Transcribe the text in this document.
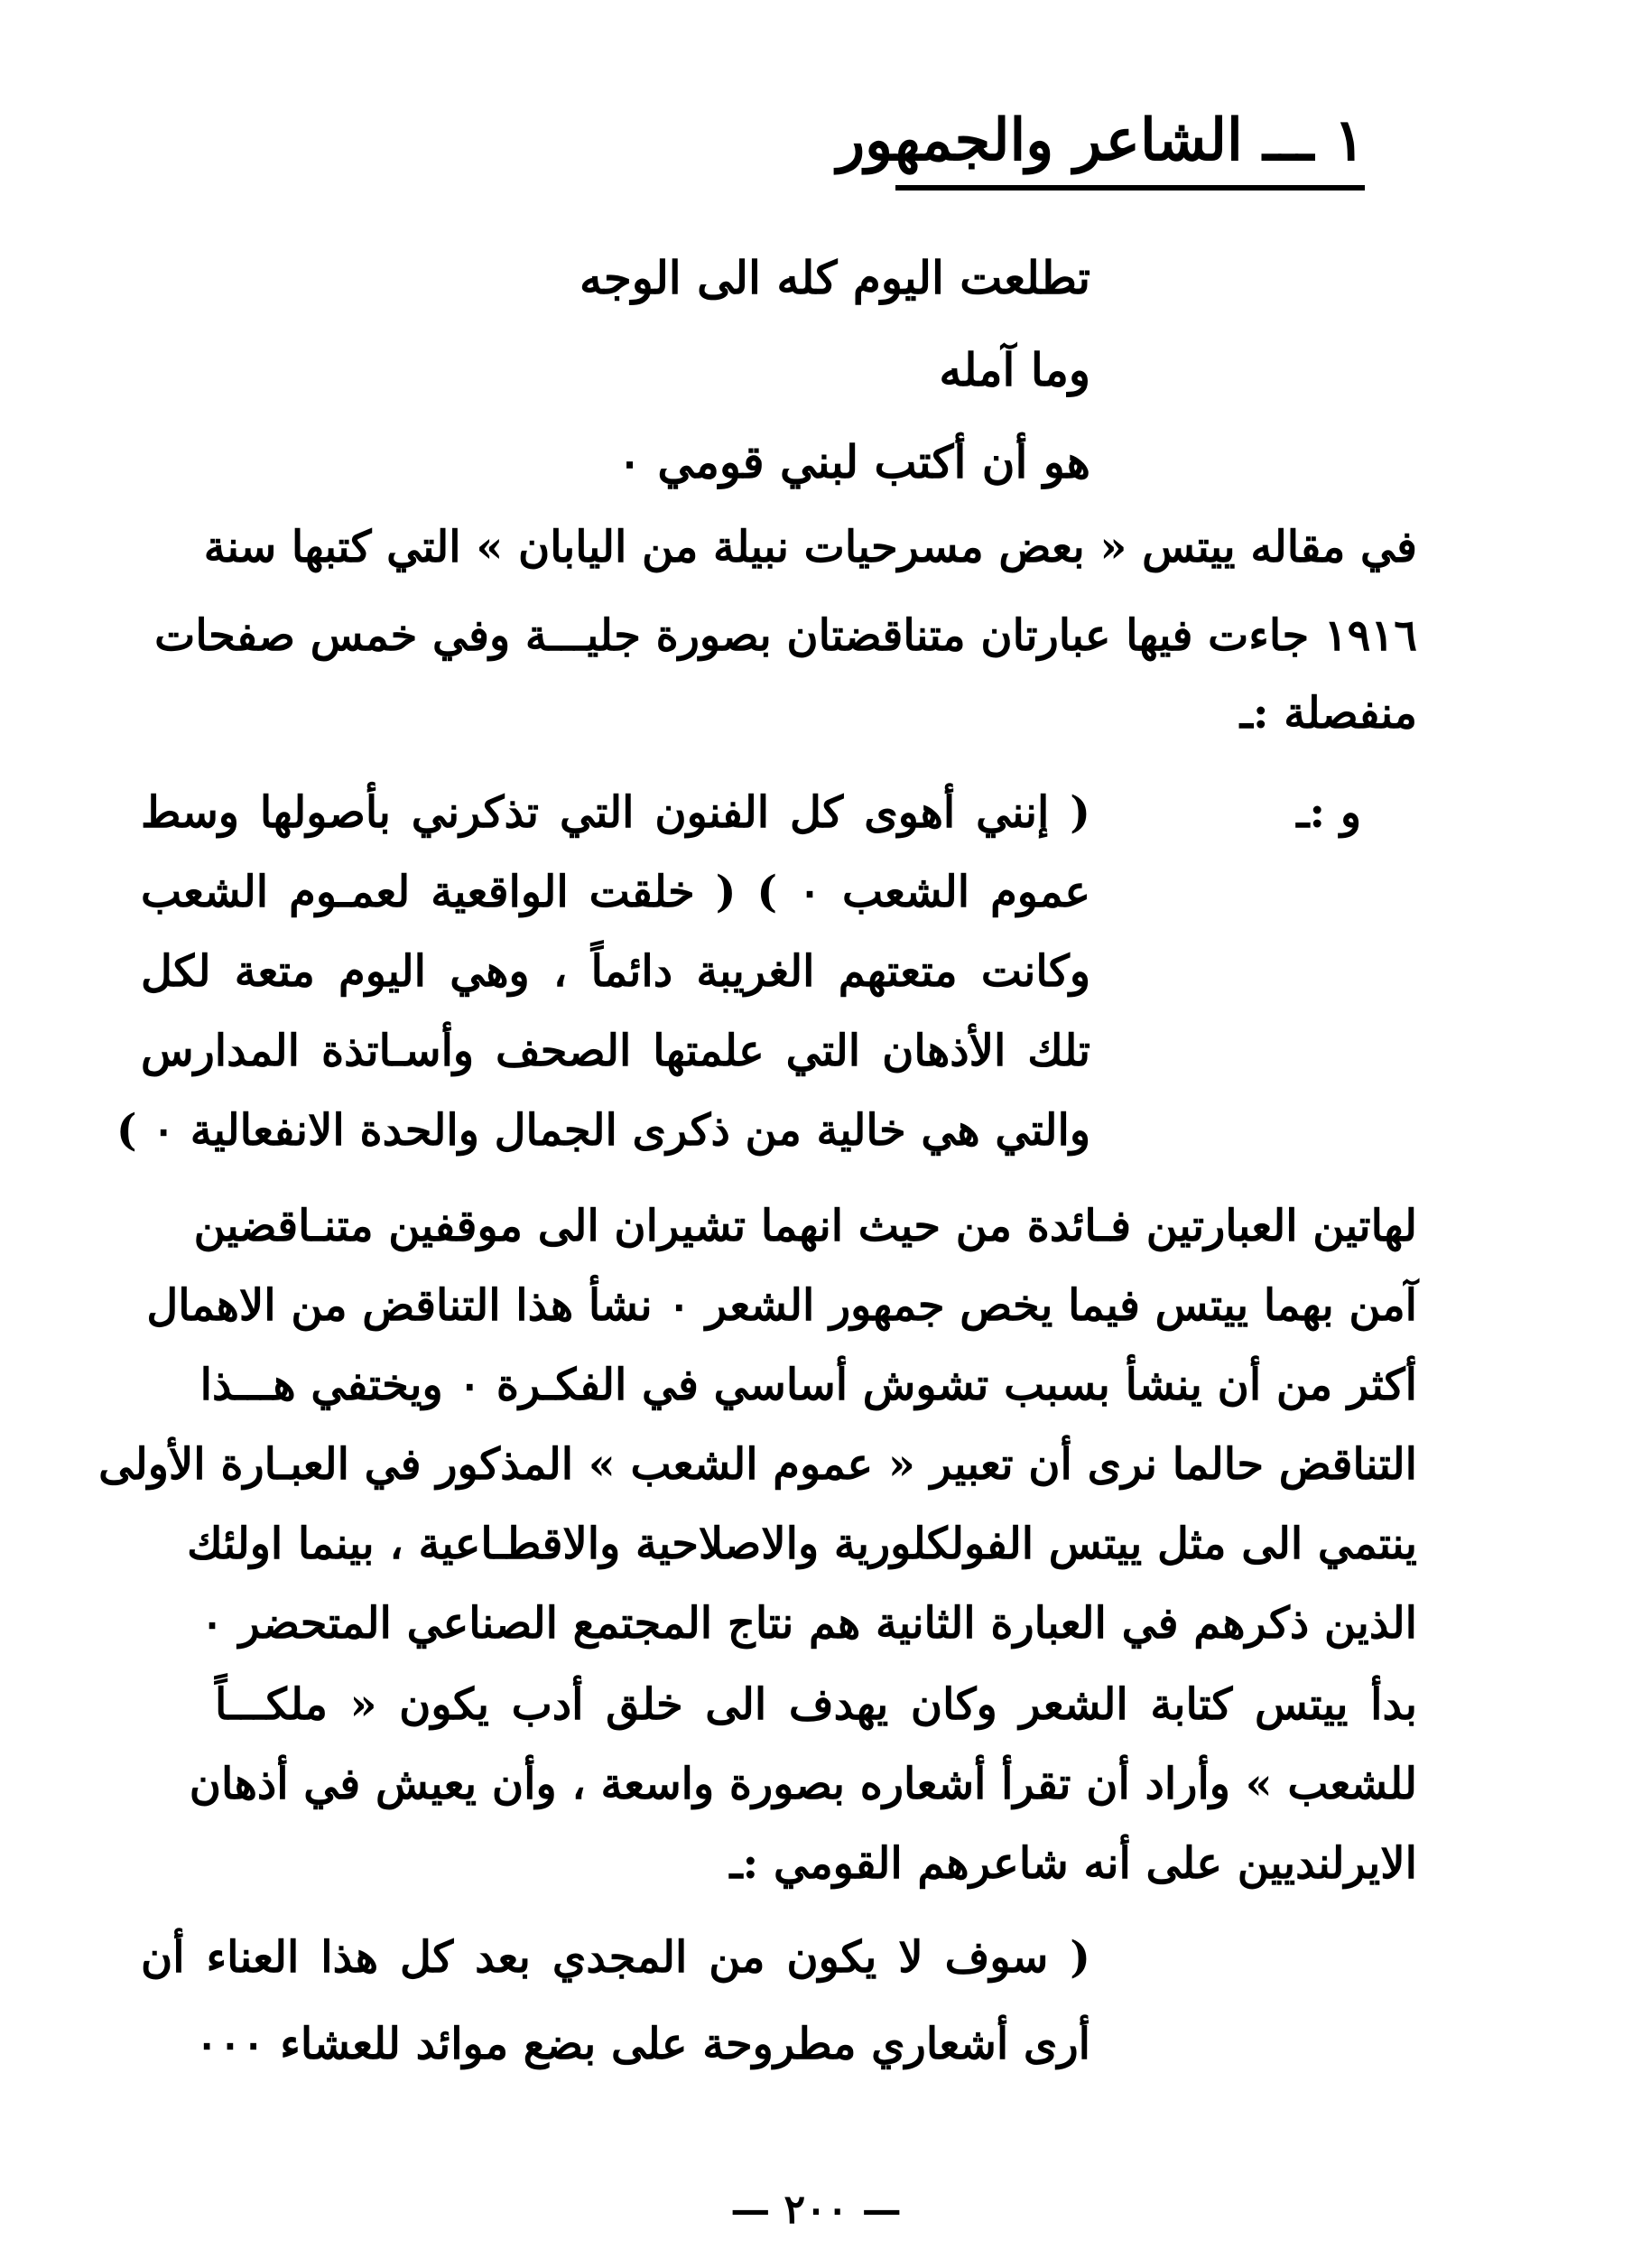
١ ـــ الشاعر والجمهور
تطلعت اليوم كله الى الوجه
وما آمله
هو أن أكتب لبني قومي ٠
في مقاله ييتس « بعض مسرحيات نبيلة من اليابان » التي كتبها سنة
١٩١٦ جاءت فيها عبارتان متناقضتان بصورة جليـــة وفي خمس صفحات
منفصلة :ـ
و :ـ
( إنني أهوى كل الفنون التي تذكرني بأصولها وسط
عموم الشعب ٠ ) ( خلقت الواقعية لعمـوم الشعب
وكانت متعتهم الغريبة دائماً ، وهي اليوم متعة لكل
تلك الأذهان التي علمتها الصحف وأسـاتذة المدارس
والتي هي خالية من ذكرى الجمال والحدة الانفعالية ٠ )
لهاتين العبارتين فـائدة من حيث انهما تشيران الى موقفين متنـاقضين
آمن بهما ييتس فيما يخص جمهور الشعر ٠ نشأ هذا التناقض من الاهمال
أكثر من أن ينشأ بسبب تشوش أساسي في الفكـرة ٠ ويختفي هـــذا
التناقض حالما نرى أن تعبير « عموم الشعب » المذكور في العبـارة الأولى
ينتمي الى مثل ييتس الفولكلورية والاصلاحية والاقطـاعية ، بينما اولئك
الذين ذكرهم في العبارة الثانية هم نتاج المجتمع الصناعي المتحضر ٠
بدأ ييتس كتابة الشعر وكان يهدف الى خلق أدب يكون « ملكـــاً
للشعب » وأراد أن تقرأ أشعاره بصورة واسعة ، وأن يعيش في أذهان
الايرلنديين على أنه شاعرهم القومي :ـ
( سوف لا يكون من المجدي بعد كل هذا العناء أن
أرى أشعاري مطروحة على بضع موائد للعشاء ٠٠٠
— ٢٠٠ —
